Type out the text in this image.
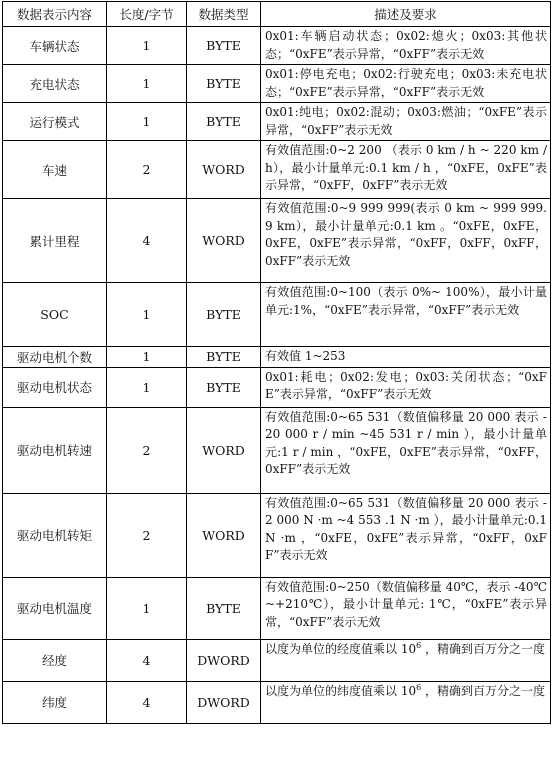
数据表示内容	长度/字节	数据类型	描述及要求
车辆状态	1	BYTE	0x01:车辆启动状态；0x02:熄火；0x03:其他状态；“0xFE”表示异常，“0xFF”表示无效
充电状态	1	BYTE	0x01:停电充电；0x02:行驶充电；0x03:未充电状态；“0xFE”表示异常，“0xFF”表示无效
运行模式	1	BYTE	0x01:纯电；0x02:混动；0x03:燃油；“0xFE”表示异常，“0xFF”表示无效
车速	2	WORD	有效值范围:0~2 200 （表示 0 km / h ~ 220 km / h），最小计量单元:0.1 km / h ，“0xFE，0xFE”表示异常，“0xFF，0xFF”表示无效
累计里程	4	WORD	有效值范围:0~9 999 999(表示 0 km ~ 999 999.9 km），最小计量单元:0.1 km 。“0xFE，0xFE，0xFE，0xFE”表示异常，“0xFF，0xFF，0xFF，0xFF”表示无效
SOC	1	BYTE	有效值范围:0~100（表示 0%~ 100%），最小计量单元:1%，“0xFE”表示异常，“0xFF”表示无效
驱动电机个数	1	BYTE	有效值 1~253
驱动电机状态	1	BYTE	0x01:耗电；0x02:发电；0x03:关闭状态；“0xFE”表示异常，“0xFF”表示无效
驱动电机转速	2	WORD	有效值范围:0~65 531（数值偏移量 20 000 表示 -20 000 r / min ~45 531 r / min ），最小计量单元:1 r / min ，“0xFE，0xFE”表示异常，“0xFF，0xFF”表示无效
驱动电机转矩	2	WORD	有效值范围:0~65 531（数值偏移量 20 000 表示 -2 000 N ·m ~4 553 .1 N ·m ），最小计量单元:0.1 N ·m ，“0xFE，0xFE”表示异常，“0xFF，0xFF”表示无效
驱动电机温度	1	BYTE	有效值范围:0~250（数值偏移量 40℃，表示 -40℃~+210℃），最小计量单元: 1℃，“0xFE”表示异常，“0xFF”表示无效
经度	4	DWORD	以度为单位的经度值乘以 $10^6$ ，精确到百万分之一度
纬度	4	DWORD	以度为单位的纬度值乘以 $10^6$ ，精确到百万分之一度
